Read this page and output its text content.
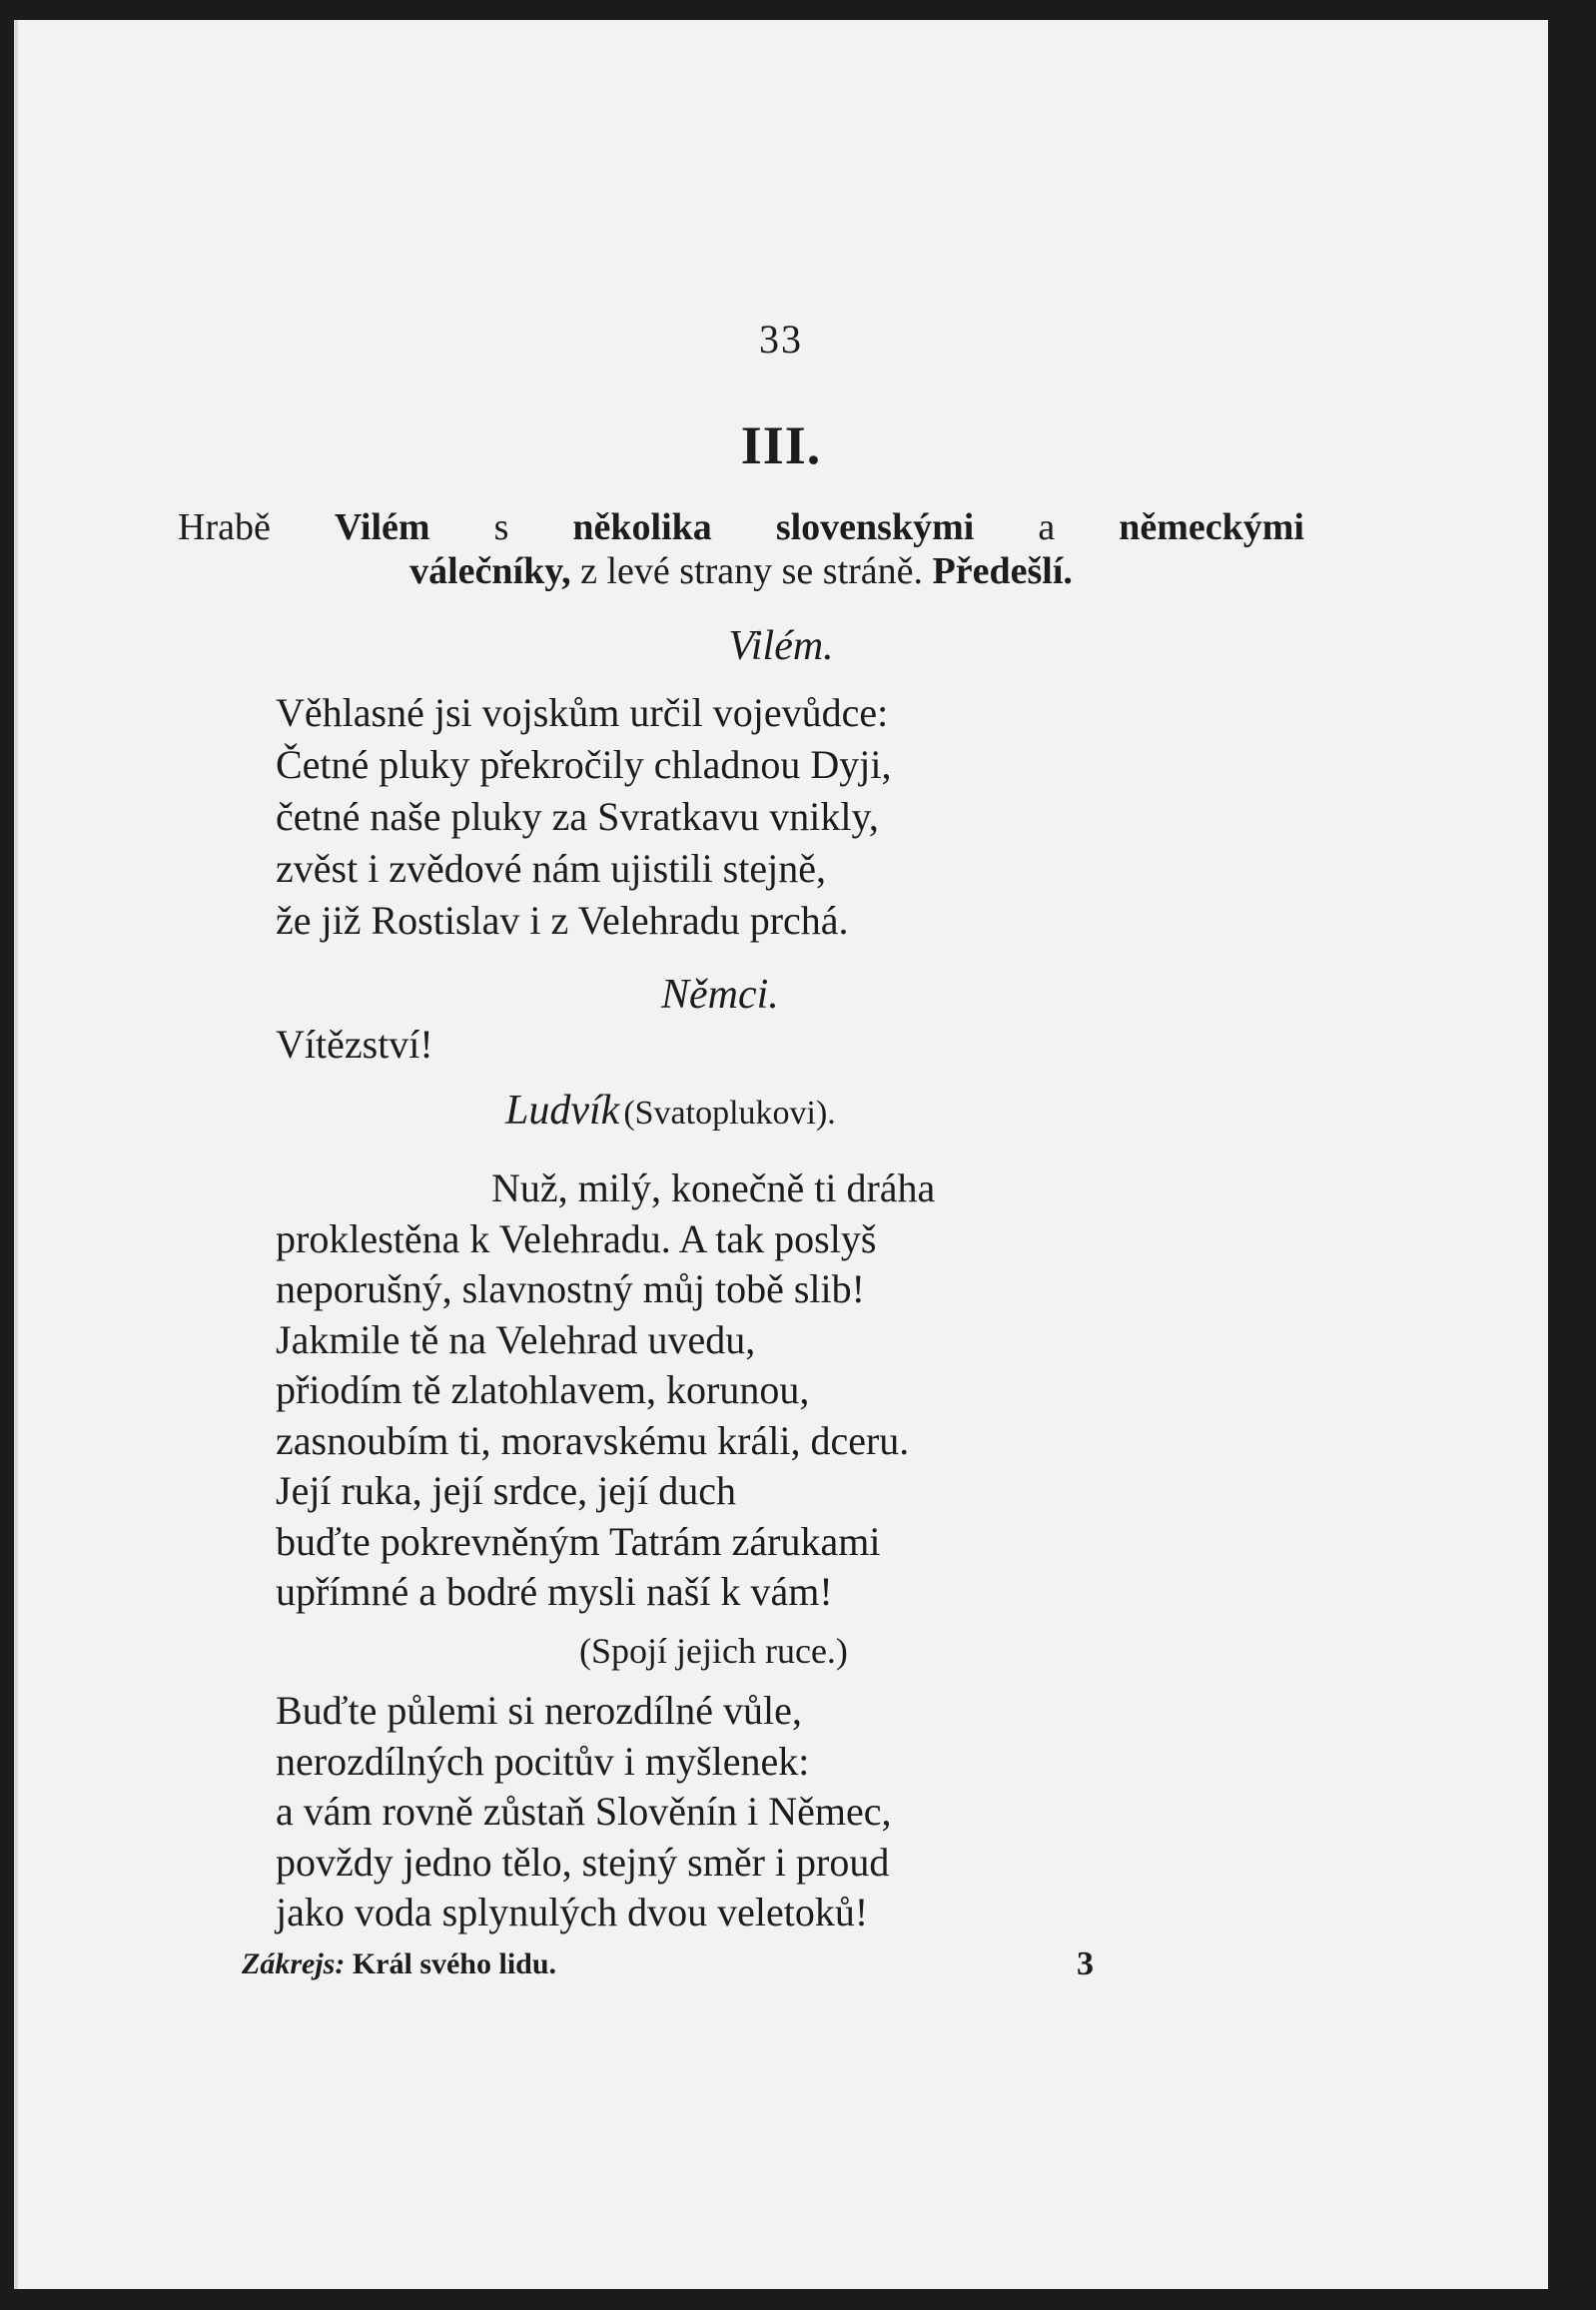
33
III.
Hrabě Vilém s několika slovenskými a německými
válečníky, z levé strany se stráně. Předešlí.
Vilém.
Věhlasné jsi vojskům určil vojevůdce:
Četné pluky překročily chladnou Dyji,
četné naše pluky za Svratkavu vnikly,
zvěst i zvědové nám ujistili stejně,
že již Rostislav i z Velehradu prchá.
Němci.
Vítězství!
Ludvík (Svatoplukovi).
Nuž, milý, konečně ti dráha
proklestěna k Velehradu. A tak poslyš
neporušný, slavnostný můj tobě slib!
Jakmile tě na Velehrad uvedu,
přiodím tě zlatohlavem, korunou,
zasnoubím ti, moravskému králi, dceru.
Její ruka, její srdce, její duch
buďte pokrevněným Tatrám zárukami
upřímné a bodré mysli naší k vám!
(Spojí jejich ruce.)
Buďte půlemi si nerozdílné vůle,
nerozdílných pocitův i myšlenek:
a vám rovně zůstaň Slověnín i Němec,
povždy jedno tělo, stejný směr i proud
jako voda splynulých dvou veletoků!
Zákrejs: Král svého lidu.	3
